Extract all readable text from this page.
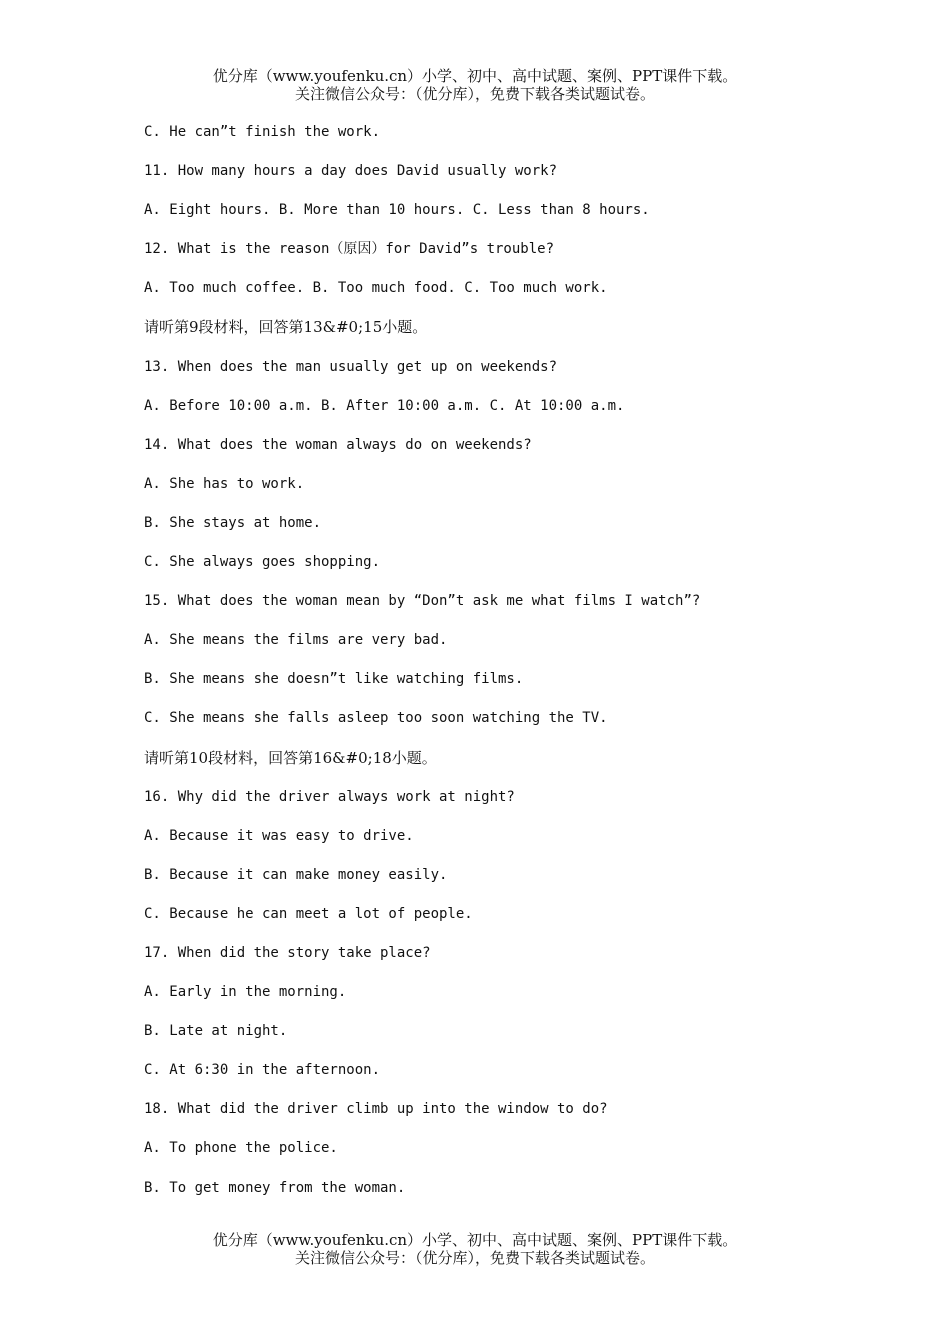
优分库（www.youfenku.cn）小学、初中、高中试题、案例、PPT课件下载。
关注微信公众号：（优分库），免费下载各类试题试卷。
C. He can”t finish the work.
11. How many hours a day does David usually work?
A. Eight hours. B. More than 10 hours. C. Less than 8 hours.
12. What is the reason（原因）for David”s trouble?
A. Too much coffee. B. Too much food. C. Too much work.
请听第9段材料，回答第13&#0;15小题。
13. When does the man usually get up on weekends?
A. Before 10:00 a.m. B. After 10:00 a.m. C. At 10:00 a.m.
14. What does the woman always do on weekends?
A. She has to work.
B. She stays at home.
C. She always goes shopping.
15. What does the woman mean by “Don”t ask me what films I watch”?
A. She means the films are very bad.
B. She means she doesn”t like watching films.
C. She means she falls asleep too soon watching the TV.
请听第10段材料，回答第16&#0;18小题。
16. Why did the driver always work at night?
A. Because it was easy to drive.
B. Because it can make money easily.
C. Because he can meet a lot of people.
17. When did the story take place?
A. Early in the morning.
B. Late at night.
C. At 6:30 in the afternoon.
18. What did the driver climb up into the window to do?
A. To phone the police.
B. To get money from the woman.
优分库（www.youfenku.cn）小学、初中、高中试题、案例、PPT课件下载。
关注微信公众号：（优分库），免费下载各类试题试卷。
